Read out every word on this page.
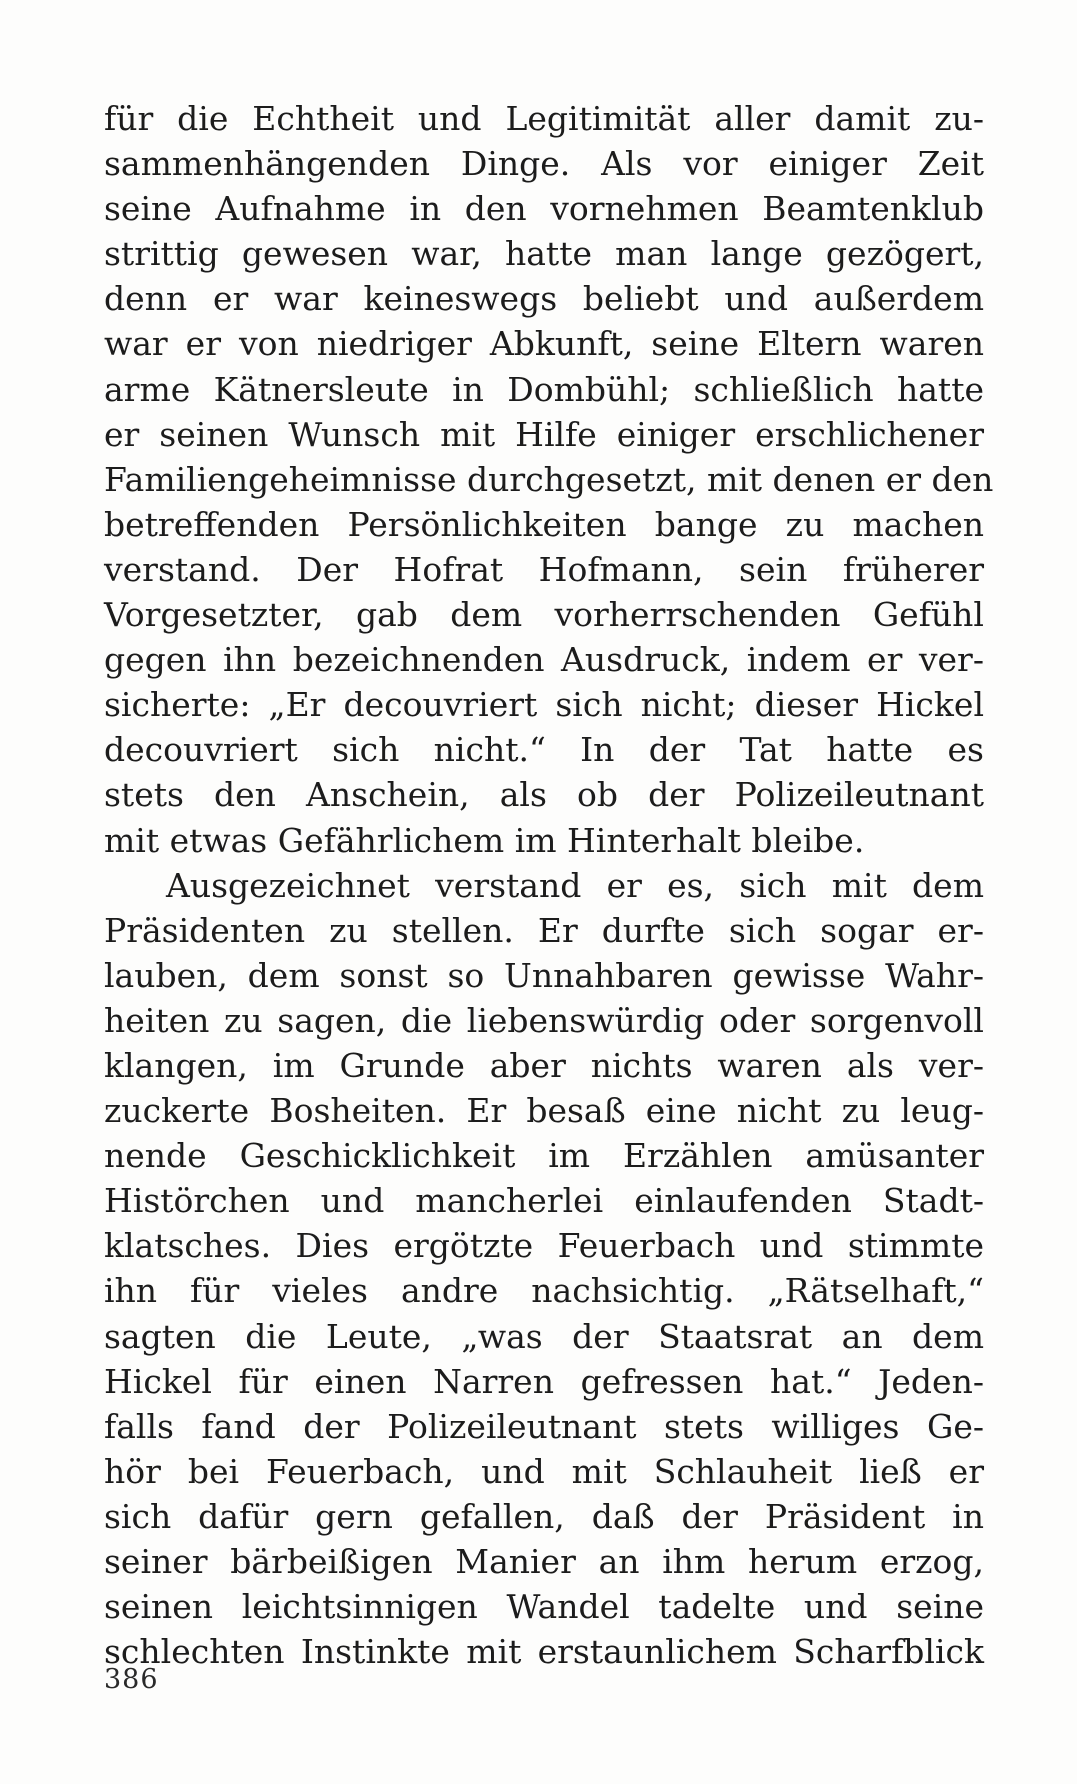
für die Echtheit und Legitimität aller damit zu-
sammenhängenden Dinge. Als vor einiger Zeit
seine Aufnahme in den vornehmen Beamtenklub
strittig gewesen war, hatte man lange gezögert,
denn er war keineswegs beliebt und außerdem
war er von niedriger Abkunft, seine Eltern waren
arme Kätnersleute in Dombühl; schließlich hatte
er seinen Wunsch mit Hilfe einiger erschlichener
Familiengeheimnisse durchgesetzt, mit denen er den
betreffenden Persönlichkeiten bange zu machen
verstand. Der Hofrat Hofmann, sein früherer
Vorgesetzter, gab dem vorherrschenden Gefühl
gegen ihn bezeichnenden Ausdruck, indem er ver-
sicherte: „Er decouvriert sich nicht; dieser Hickel
decouvriert sich nicht.“ In der Tat hatte es
stets den Anschein, als ob der Polizeileutnant
mit etwas Gefährlichem im Hinterhalt bleibe.
Ausgezeichnet verstand er es, sich mit dem
Präsidenten zu stellen. Er durfte sich sogar er-
lauben, dem sonst so Unnahbaren gewisse Wahr-
heiten zu sagen, die liebenswürdig oder sorgenvoll
klangen, im Grunde aber nichts waren als ver-
zuckerte Bosheiten. Er besaß eine nicht zu leug-
nende Geschicklichkeit im Erzählen amüsanter
Histörchen und mancherlei einlaufenden Stadt-
klatsches. Dies ergötzte Feuerbach und stimmte
ihn für vieles andre nachsichtig. „Rätselhaft,“
sagten die Leute, „was der Staatsrat an dem
Hickel für einen Narren gefressen hat.“ Jeden-
falls fand der Polizeileutnant stets williges Ge-
hör bei Feuerbach, und mit Schlauheit ließ er
sich dafür gern gefallen, daß der Präsident in
seiner bärbeißigen Manier an ihm herum erzog,
seinen leichtsinnigen Wandel tadelte und seine
schlechten Instinkte mit erstaunlichem Scharfblick
386
